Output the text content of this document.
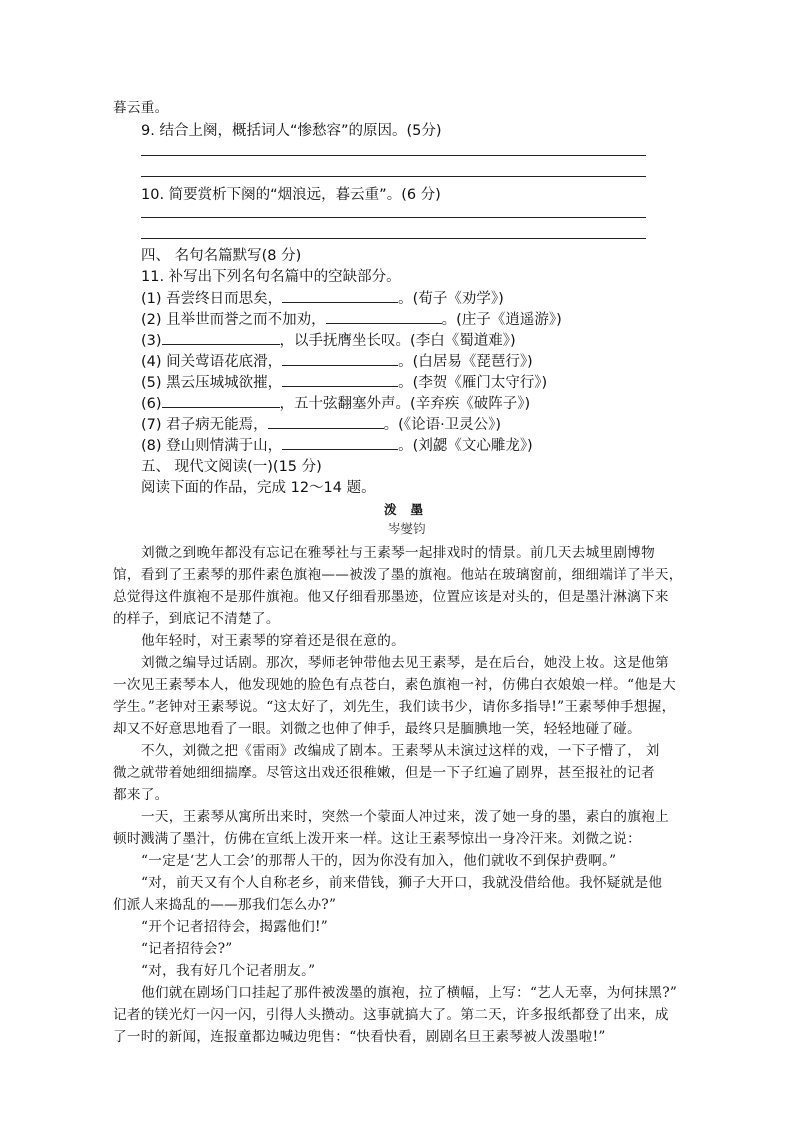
暮云重。
9. 结合上阕，概括词人“惨愁容”的原因。(5分)
10. 简要赏析下阕的“烟浪远，暮云重”。(6 分)
四、 名句名篇默写(8 分)
11. 补写出下列名句名篇中的空缺部分。
(1) 吾尝终日而思矣，	。(荀子《劝学》)
(2) 且举世而誉之而不加劝，	。(庄子《逍遥游》)
(3)	，以手抚膺坐长叹。(李白《蜀道难》)
(4) 间关莺语花底滑，	。(白居易《琵琶行》)
(5) 黑云压城城欲摧，	。(李贺《雁门太守行》)
(6)	，五十弦翻塞外声。(辛弃疾《破阵子》)
(7) 君子病无能焉，	。(《论语·卫灵公》)
(8) 登山则情满于山，	。(刘勰《文心雕龙》)
五、 现代文阅读(一)(15 分)
阅读下面的作品，完成 12～14 题。
泼墨
岑燮钧
刘微之到晚年都没有忘记在雅琴社与王素琴一起排戏时的情景。前几天去城里剧博物
馆，看到了王素琴的那件素色旗袍——被泼了墨的旗袍。他站在玻璃窗前，细细端详了半天，
总觉得这件旗袍不是那件旗袍。他又仔细看那墨迹，位置应该是对头的，但是墨汁淋漓下来
的样子，到底记不清楚了。
他年轻时，对王素琴的穿着还是很在意的。
刘微之编导过话剧。那次，琴师老钟带他去见王素琴，是在后台，她没上妆。这是他第
一次见王素琴本人，他发现她的脸色有点苍白，素色旗袍一衬，仿佛白衣娘娘一样。“他是大
学生。”老钟对王素琴说。“这太好了，刘先生，我们读书少，请你多指导!”王素琴伸手想握，
却又不好意思地看了一眼。刘微之也伸了伸手，最终只是腼腆地一笑，轻轻地碰了碰。
不久，刘微之把《雷雨》改编成了剧本。王素琴从未演过这样的戏，一下子懵了， 刘
微之就带着她细细揣摩。尽管这出戏还很稚嫩，但是一下子红遍了剧界，甚至报社的记者
都来了。
一天，王素琴从寓所出来时，突然一个蒙面人冲过来，泼了她一身的墨，素白的旗袍上
顿时溅满了墨汁，仿佛在宣纸上泼开来一样。这让王素琴惊出一身冷汗来。刘微之说：
“一定是‘艺人工会’的那帮人干的，因为你没有加入，他们就收不到保护费啊。”
“对，前天又有个人自称老乡，前来借钱，狮子大开口，我就没借给他。我怀疑就是他
们派人来捣乱的——那我们怎么办?”
“开个记者招待会，揭露他们!”
“记者招待会?”
“对，我有好几个记者朋友。”
他们就在剧场门口挂起了那件被泼墨的旗袍，拉了横幅，上写：“艺人无辜，为何抹黑?”
记者的镁光灯一闪一闪，引得人头攒动。这事就搞大了。第二天，许多报纸都登了出来，成
了一时的新闻，连报童都边喊边兜售：“快看快看，剧剧名旦王素琴被人泼墨啦!”
